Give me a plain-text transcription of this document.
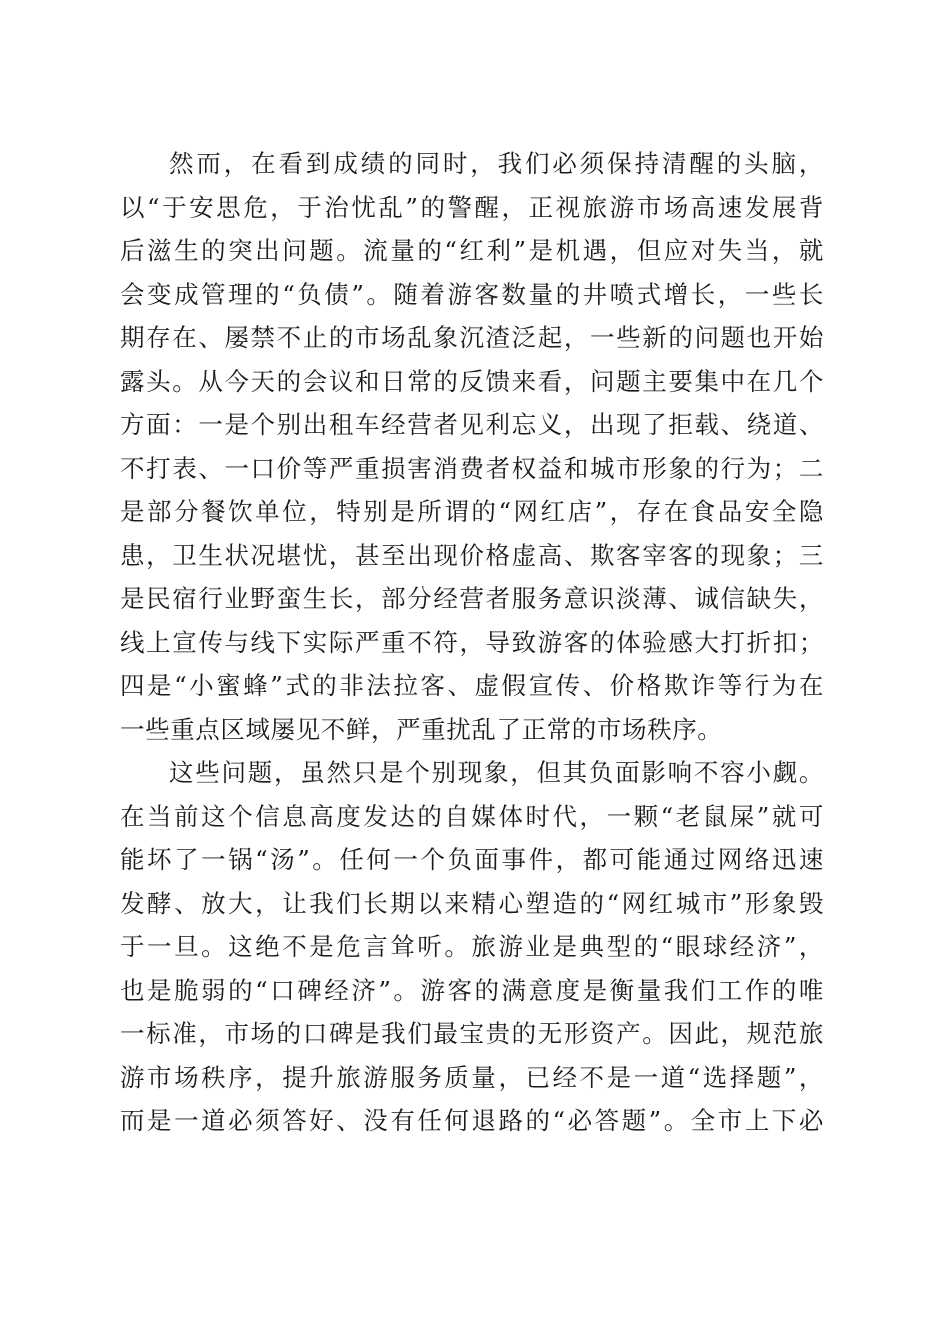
然而，在看到成绩的同时，我们必须保持清醒的头脑，
以“于安思危，于治忧乱”的警醒，正视旅游市场高速发展背
后滋生的突出问题。流量的“红利”是机遇，但应对失当，就
会变成管理的“负债”。随着游客数量的井喷式增长，一些长
期存在、屡禁不止的市场乱象沉渣泛起，一些新的问题也开始
露头。从今天的会议和日常的反馈来看，问题主要集中在几个
方面：一是个别出租车经营者见利忘义，出现了拒载、绕道、
不打表、一口价等严重损害消费者权益和城市形象的行为；二
是部分餐饮单位，特别是所谓的“网红店”，存在食品安全隐
患，卫生状况堪忧，甚至出现价格虚高、欺客宰客的现象；三
是民宿行业野蛮生长，部分经营者服务意识淡薄、诚信缺失，
线上宣传与线下实际严重不符，导致游客的体验感大打折扣；
四是“小蜜蜂”式的非法拉客、虚假宣传、价格欺诈等行为在
一些重点区域屡见不鲜，严重扰乱了正常的市场秩序。
这些问题，虽然只是个别现象，但其负面影响不容小觑。
在当前这个信息高度发达的自媒体时代，一颗“老鼠屎”就可
能坏了一锅“汤”。任何一个负面事件，都可能通过网络迅速
发酵、放大，让我们长期以来精心塑造的“网红城市”形象毁
于一旦。这绝不是危言耸听。旅游业是典型的“眼球经济”，
也是脆弱的“口碑经济”。游客的满意度是衡量我们工作的唯
一标准，市场的口碑是我们最宝贵的无形资产。因此，规范旅
游市场秩序，提升旅游服务质量，已经不是一道“选择题”，
而是一道必须答好、没有任何退路的“必答题”。全市上下必
